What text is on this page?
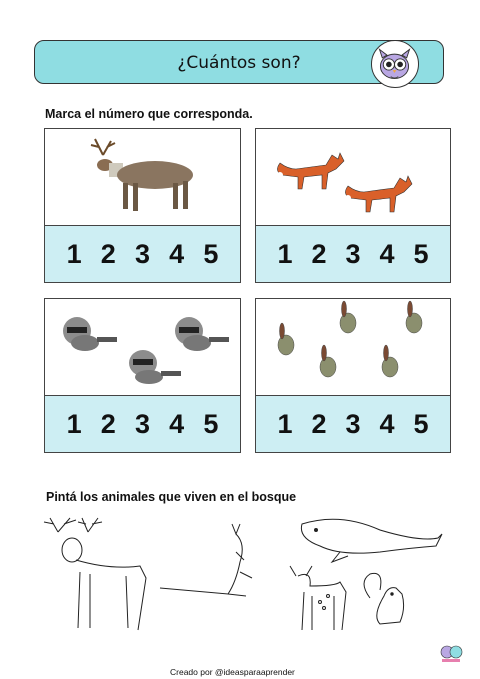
¿Cuántos son?
Marca el número que corresponda.
1 2 3 4 5 1 2 3 4 5
1 2 3 4 5 1 2 3 4 5
Pintá los animales que viven en el bosque
Creado por @ideasparaaprender
